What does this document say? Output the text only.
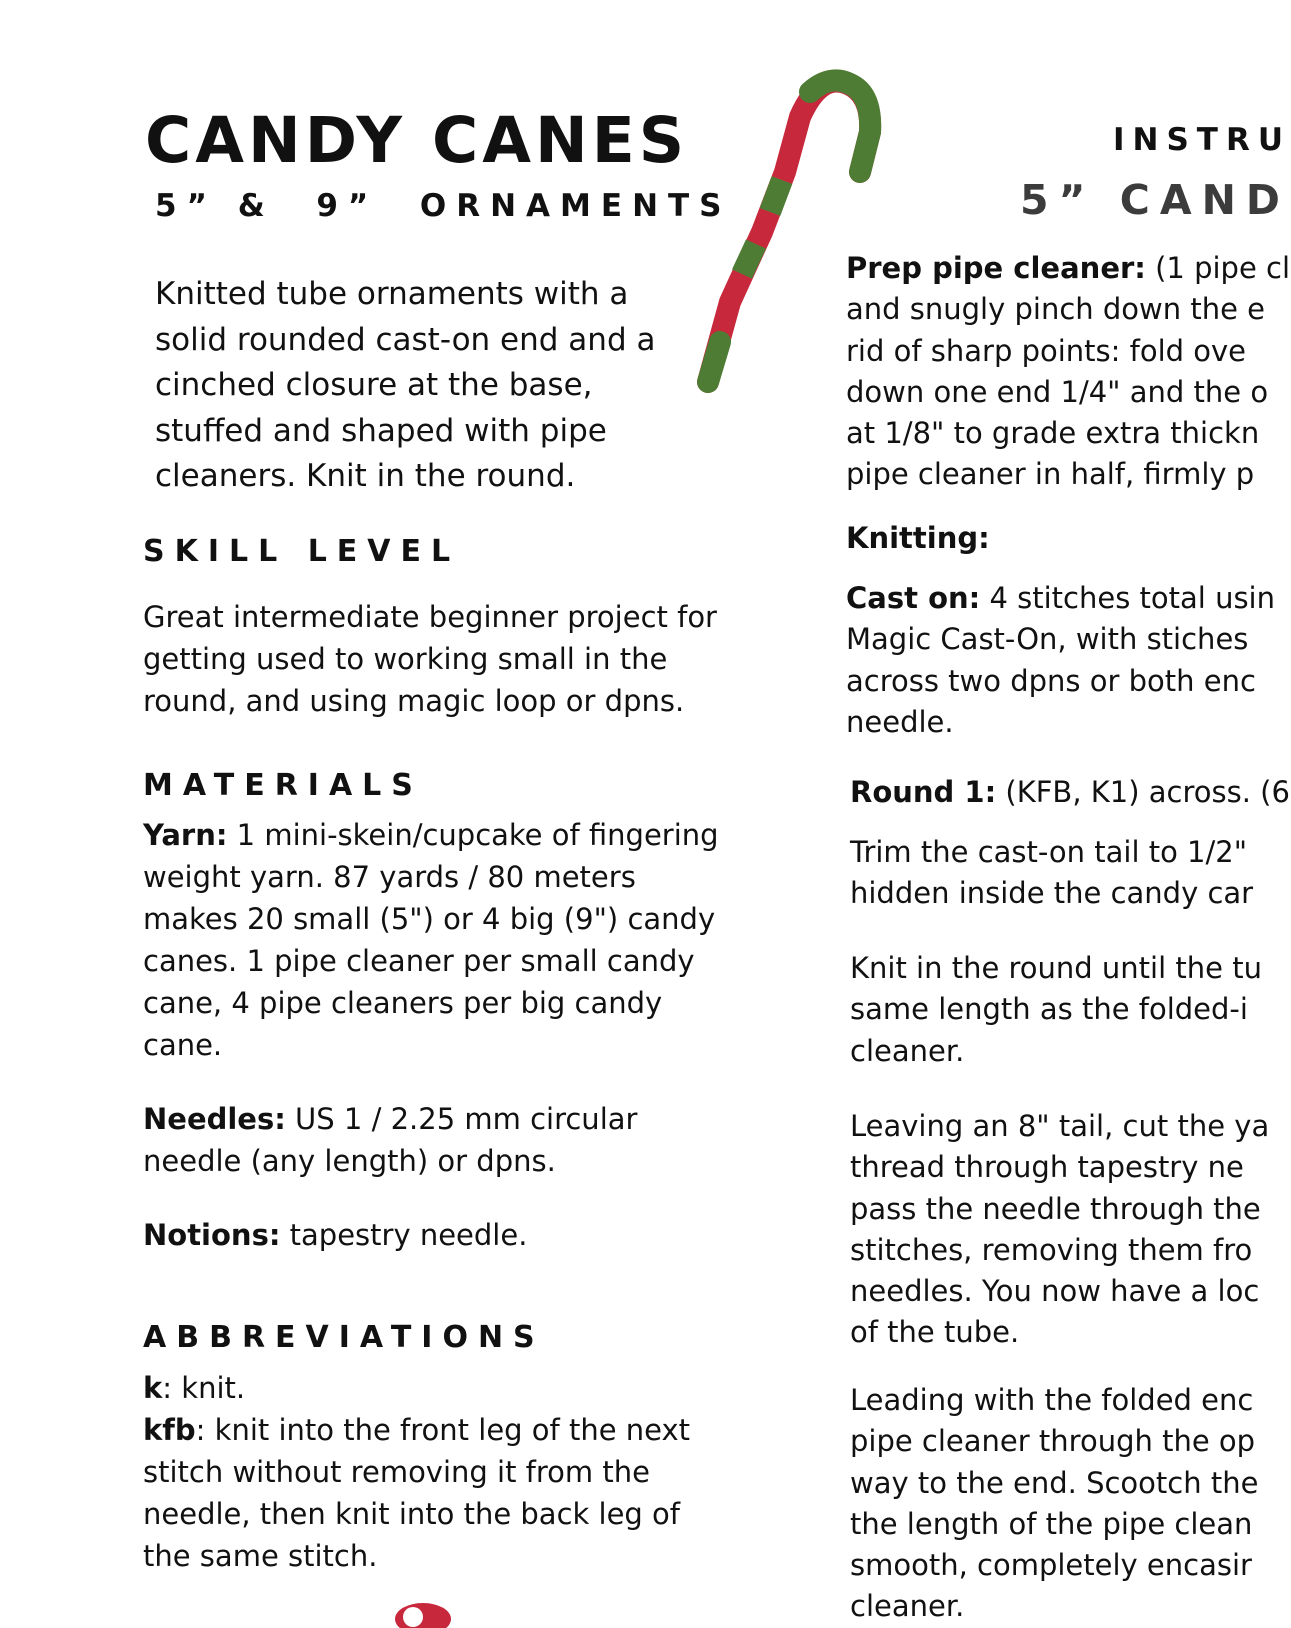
CANDY CANES
5” &  9”  ORNAMENTS

Knitted tube ornaments with a solid rounded cast-on end and a cinched closure at the base, stuffed and shaped with pipe cleaners. Knit in the round.

SKILL LEVEL

Great intermediate beginner project for getting used to working small in the round, and using magic loop or dpns.

MATERIALS

Yarn: 1 mini-skein/cupcake of fingering weight yarn. 87 yards / 80 meters makes 20 small (5") or 4 big (9") candy canes. 1 pipe cleaner per small candy cane, 4 pipe cleaners per big candy cane.

Needles: US 1 / 2.25 mm circular needle (any length) or dpns.

Notions: tapestry needle.

ABBREVIATIONS

k: knit.

kfb: knit into the front leg of the next stitch without removing it from the needle, then knit into the back leg of the same stitch.

INSTRU
5” CAND
Prep pipe cleaner: (1 pipe cl
and snugly pinch down the e
rid of sharp points: fold ove
down one end 1/4" and the o
at 1/8" to grade extra thickn
pipe cleaner in half, firmly p
Knitting:
Cast on: 4 stitches total usin
Magic Cast-On, with stiches
across two dpns or both enc
needle.
Round 1: (KFB, K1) across. (6
Trim the cast-on tail to 1/2"
hidden inside the candy car
Knit in the round until the tu
same length as the folded-i
cleaner.
Leaving an 8" tail, cut the ya
thread through tapestry ne
pass the needle through the
stitches, removing them fro
needles. You now have a loc
of the tube.
Leading with the folded enc
pipe cleaner through the op
way to the end. Scootch the
the length of the pipe clean
smooth, completely encasir
cleaner.
